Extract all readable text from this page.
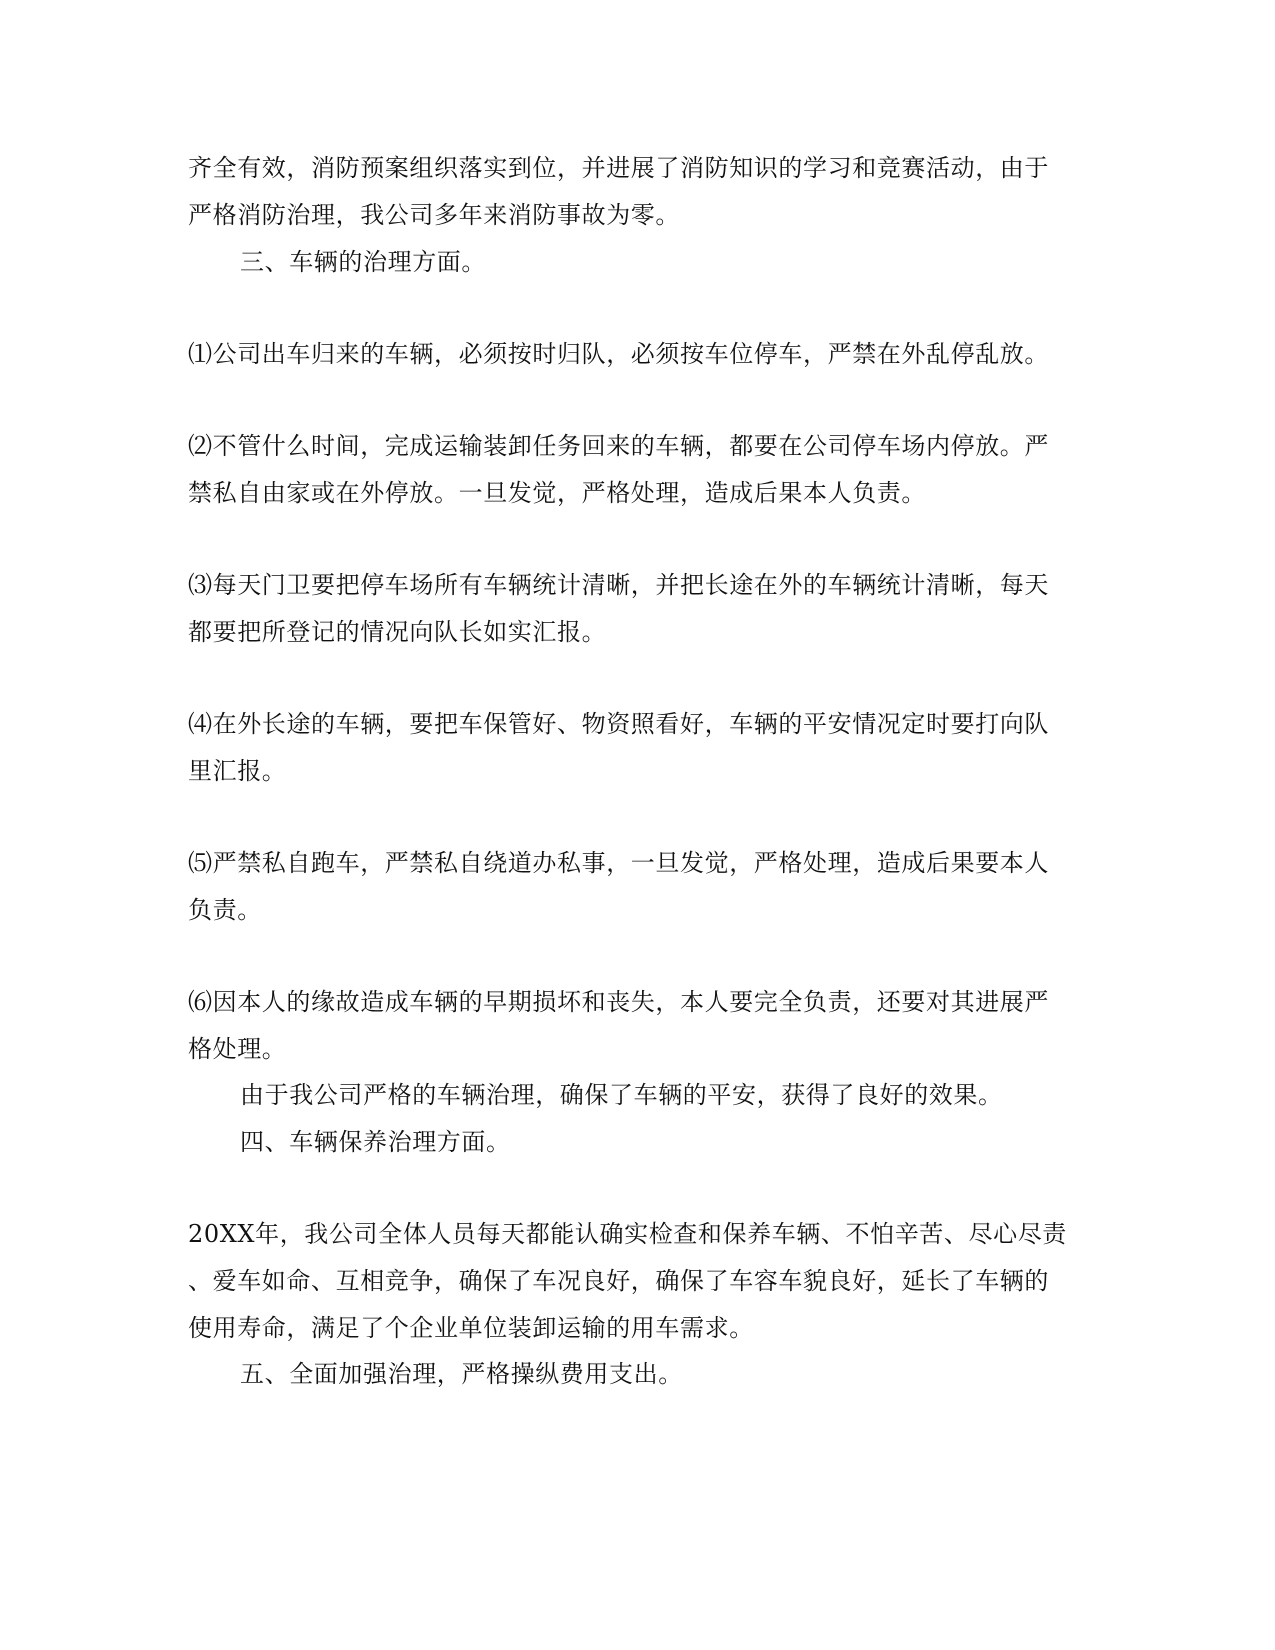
齐全有效，消防预案组织落实到位，并进展了消防知识的学习和竞赛活动，由于
严格消防治理，我公司多年来消防事故为零。
三、车辆的治理方面。
⑴公司出车归来的车辆，必须按时归队，必须按车位停车，严禁在外乱停乱放。
⑵不管什么时间，完成运输装卸任务回来的车辆，都要在公司停车场内停放。严
禁私自由家或在外停放。一旦发觉，严格处理，造成后果本人负责。
⑶每天门卫要把停车场所有车辆统计清晰，并把长途在外的车辆统计清晰，每天
都要把所登记的情况向队长如实汇报。
⑷在外长途的车辆，要把车保管好、物资照看好，车辆的平安情况定时要打向队
里汇报。
⑸严禁私自跑车，严禁私自绕道办私事，一旦发觉，严格处理，造成后果要本人
负责。
⑹因本人的缘故造成车辆的早期损坏和丧失，本人要完全负责，还要对其进展严
格处理。
由于我公司严格的车辆治理，确保了车辆的平安，获得了良好的效果。
四、车辆保养治理方面。
20XX年，我公司全体人员每天都能认确实检查和保养车辆、不怕辛苦、尽心尽责
、爱车如命、互相竞争，确保了车况良好，确保了车容车貌良好，延长了车辆的
使用寿命，满足了个企业单位装卸运输的用车需求。
五、全面加强治理，严格操纵费用支出。
